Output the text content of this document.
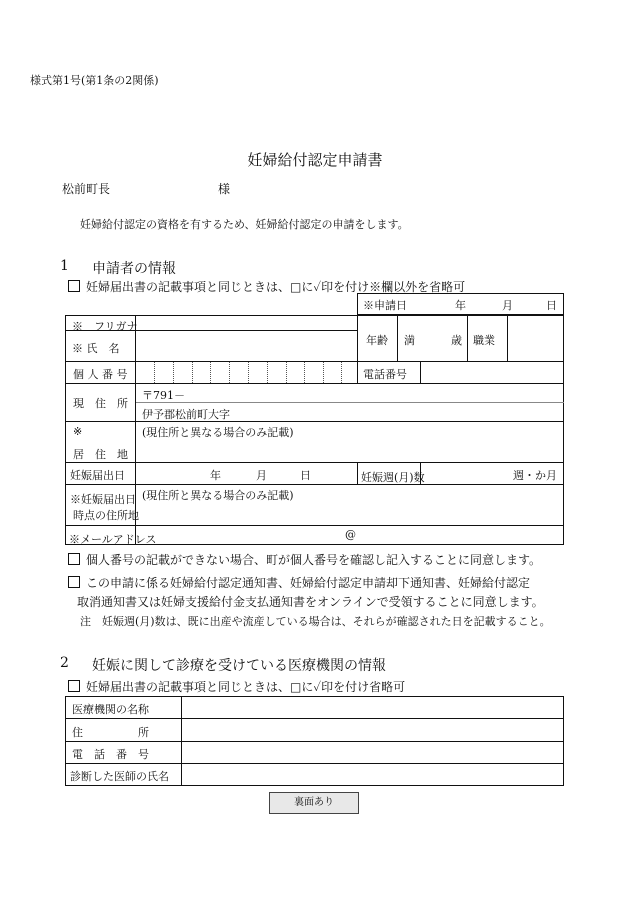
様式第1号(第1条の2関係)
妊婦給付認定申請書
松前町長	様
妊婦給付認定の資格を有するため、妊婦給付認定の申請をします。
1 申請者の情報
妊婦届出書の記載事項と同じときは、□に✓印を付け※欄以外を省略可
※申請日	年	月	日
※　フリガナ
※ 氏　名
年齢 満	歳 職業
個 人 番 号	電話番号
現　住　所
〒791－
伊予郡松前町大字
※
居　住　地
(現住所と異なる場合のみ記載)
妊娠届出日	年	月	日	妊娠週(月)数	週・か月
※妊娠届出日
時点の住所地
(現住所と異なる場合のみ記載)
※メールアドレス	@
個人番号の記載ができない場合、町が個人番号を確認し記入することに同意します。
この申請に係る妊婦給付認定通知書、妊婦給付認定申請却下通知書、妊婦給付認定
取消通知書又は妊婦支援給付金支払通知書をオンラインで受領することに同意します。
注　妊娠週(月)数は、既に出産や流産している場合は、それらが確認された日を記載すること。
2 妊娠に関して診療を受けている医療機関の情報
妊婦届出書の記載事項と同じときは、□に✓印を付け省略可
医療機関の名称
住　　　　　所
電　話　番　号
診断した医師の氏名
裏面あり
